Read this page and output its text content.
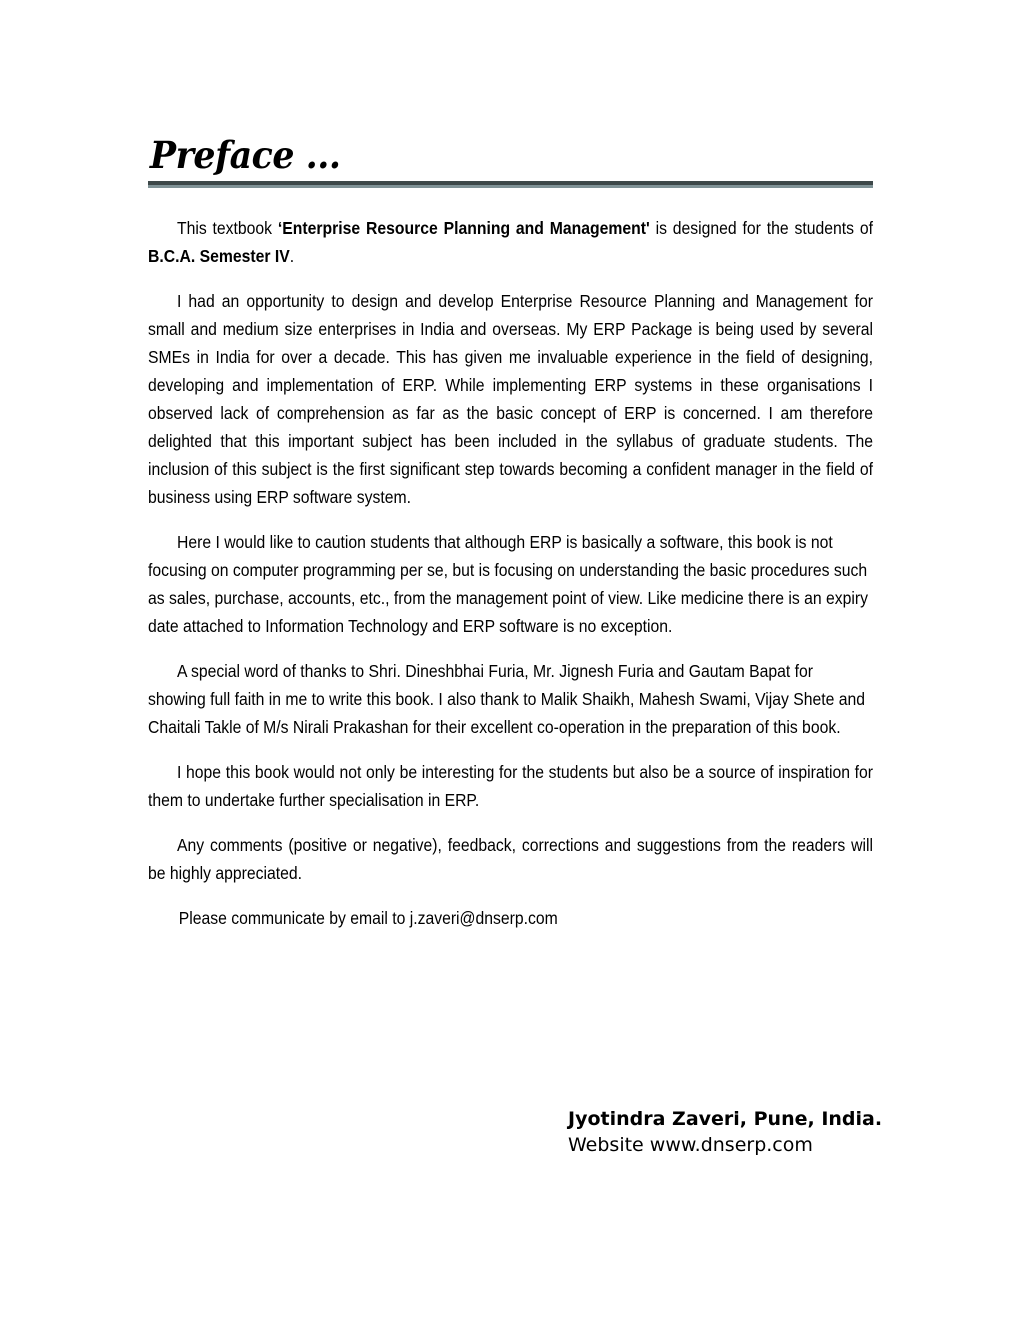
Preface ...

This textbook ‘Enterprise Resource Planning and Management' is designed for the students of B.C.A. Semester IV.

I had an opportunity to design and develop Enterprise Resource Planning and Management for small and medium size enterprises in India and overseas. My ERP Package is being used by several SMEs in India for over a decade. This has given me invaluable experience in the field of designing, developing and implementation of ERP. While implementing ERP systems in these organisations I observed lack of comprehension as far as the basic concept of ERP is concerned. I am therefore delighted that this important subject has been included in the syllabus of graduate students. The inclusion of this subject is the first significant step towards becoming a confident manager in the field of business using ERP software system.

Here I would like to caution students that although ERP is basically a software, this book is not focusing on computer programming per se, but is focusing on understanding the basic procedures such as sales, purchase, accounts, etc., from the management point of view. Like medicine there is an expiry date attached to Information Technology and ERP software is no exception.

A special word of thanks to Shri. Dineshbhai Furia, Mr. Jignesh Furia and Gautam Bapat for showing full faith in me to write this book. I also thank to Malik Shaikh, Mahesh Swami, Vijay Shete and Chaitali Takle of M/s Nirali Prakashan for their excellent co-operation in the preparation of this book.

I hope this book would not only be interesting for the students but also be a source of inspiration for them to undertake further specialisation in ERP.

Any comments (positive or negative), feedback, corrections and suggestions from the readers will be highly appreciated.

Please communicate by email to j.zaveri@dnserp.com

Jyotindra Zaveri, Pune, India.
Website www.dnserp.com
